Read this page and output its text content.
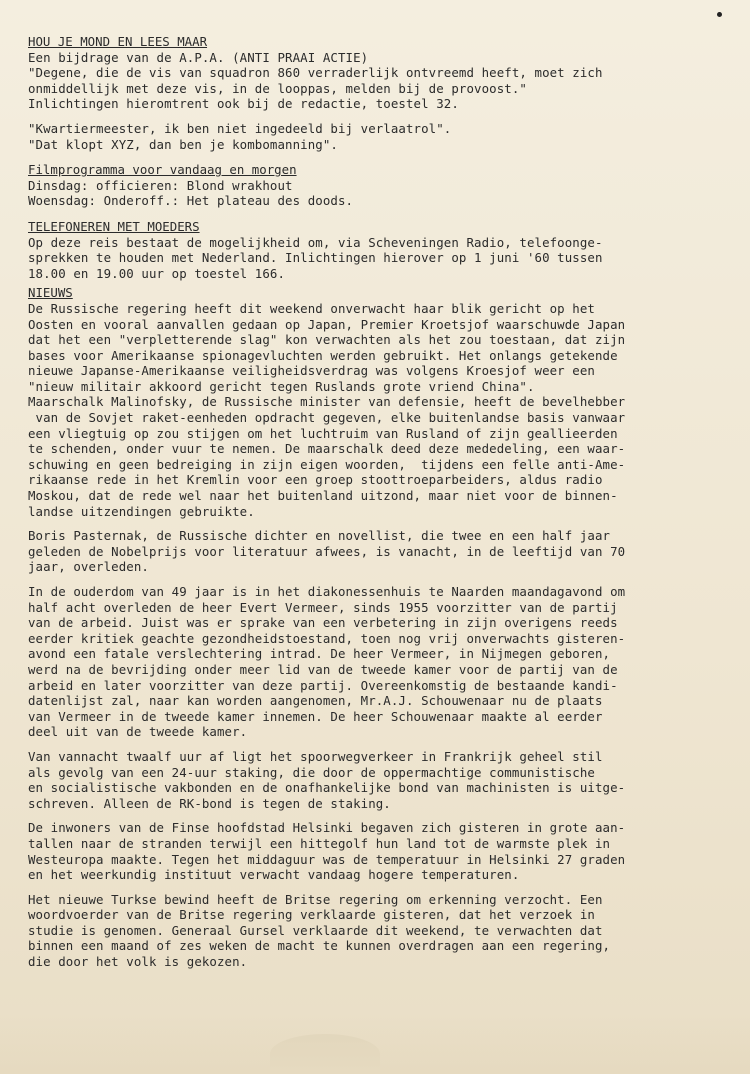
HOU JE MOND EN LEES MAAR
Een bijdrage van de A.P.A. (ANTI PRAAI ACTIE)
"Degene, die de vis van squadron 860 verraderlijk ontvreemd heeft, moet zich
onmiddellijk met deze vis, in de looppas, melden bij de provoost."
Inlichtingen hieromtrent ook bij de redactie, toestel 32.
"Kwartiermeester, ik ben niet ingedeeld bij verlaatrol".
"Dat klopt XYZ, dan ben je kombomanning".
Filmprogramma voor vandaag en morgen
Dinsdag: officieren: Blond wrakhout
Woensdag: Onderoff.: Het plateau des doods.
TELEFONEREN MET MOEDERS
Op deze reis bestaat de mogelijkheid om, via Scheveningen Radio, telefoonge-
sprekken te houden met Nederland. Inlichtingen hierover op 1 juni '60 tussen
18.00 en 19.00 uur op toestel 166.
NIEUWS
De Russische regering heeft dit weekend onverwacht haar blik gericht op het
Oosten en vooral aanvallen gedaan op Japan, Premier Kroetsjof waarschuwde Japan
dat het een "verpletterende slag" kon verwachten als het zou toestaan, dat zijn
bases voor Amerikaanse spionagevluchten werden gebruikt. Het onlangs getekende
nieuwe Japanse-Amerikaanse veiligheidsverdrag was volgens Kroesjof weer een
"nieuw militair akkoord gericht tegen Ruslands grote vriend China".
Maarschalk Malinofsky, de Russische minister van defensie, heeft de bevelhebber
van de Sovjet raket-eenheden opdracht gegeven, elke buitenlandse basis vanwaar
een vliegtuig op zou stijgen om het luchtruim van Rusland of zijn geallieerden
te schenden, onder vuur te nemen. De maarschalk deed deze mededeling, een waar-
schuwing en geen bedreiging in zijn eigen woorden,  tijdens een felle anti-Ame-
rikaanse rede in het Kremlin voor een groep stoottroeparbeiders, aldus radio
Moskou, dat de rede wel naar het buitenland uitzond, maar niet voor de binnen-
landse uitzendingen gebruikte.
Boris Pasternak, de Russische dichter en novellist, die twee en een half jaar
geleden de Nobelprijs voor literatuur afwees, is vanacht, in de leeftijd van 70
jaar, overleden.
In de ouderdom van 49 jaar is in het diakonessenhuis te Naarden maandagavond om
half acht overleden de heer Evert Vermeer, sinds 1955 voorzitter van de partij
van de arbeid. Juist was er sprake van een verbetering in zijn overigens reeds
eerder kritiek geachte gezondheidstoestand, toen nog vrij onverwachts gisteren-
avond een fatale verslechtering intrad. De heer Vermeer, in Nijmegen geboren,
werd na de bevrijding onder meer lid van de tweede kamer voor de partij van de
arbeid en later voorzitter van deze partij. Overeenkomstig de bestaande kandi-
datenlijst zal, naar kan worden aangenomen, Mr.A.J. Schouwenaar nu de plaats
van Vermeer in de tweede kamer innemen. De heer Schouwenaar maakte al eerder
deel uit van de tweede kamer.
Van vannacht twaalf uur af ligt het spoorwegverkeer in Frankrijk geheel stil
als gevolg van een 24-uur staking, die door de oppermachtige communistische
en socialistische vakbonden en de onafhankelijke bond van machinisten is uitge-
schreven. Alleen de RK-bond is tegen de staking.
De inwoners van de Finse hoofdstad Helsinki begaven zich gisteren in grote aan-
tallen naar de stranden terwijl een hittegolf hun land tot de warmste plek in
Westeuropa maakte. Tegen het middaguur was de temperatuur in Helsinki 27 graden
en het weerkundig instituut verwacht vandaag hogere temperaturen.
Het nieuwe Turkse bewind heeft de Britse regering om erkenning verzocht. Een
woordvoerder van de Britse regering verklaarde gisteren, dat het verzoek in
studie is genomen. Generaal Gursel verklaarde dit weekend, te verwachten dat
binnen een maand of zes weken de macht te kunnen overdragen aan een regering,
die door het volk is gekozen.
